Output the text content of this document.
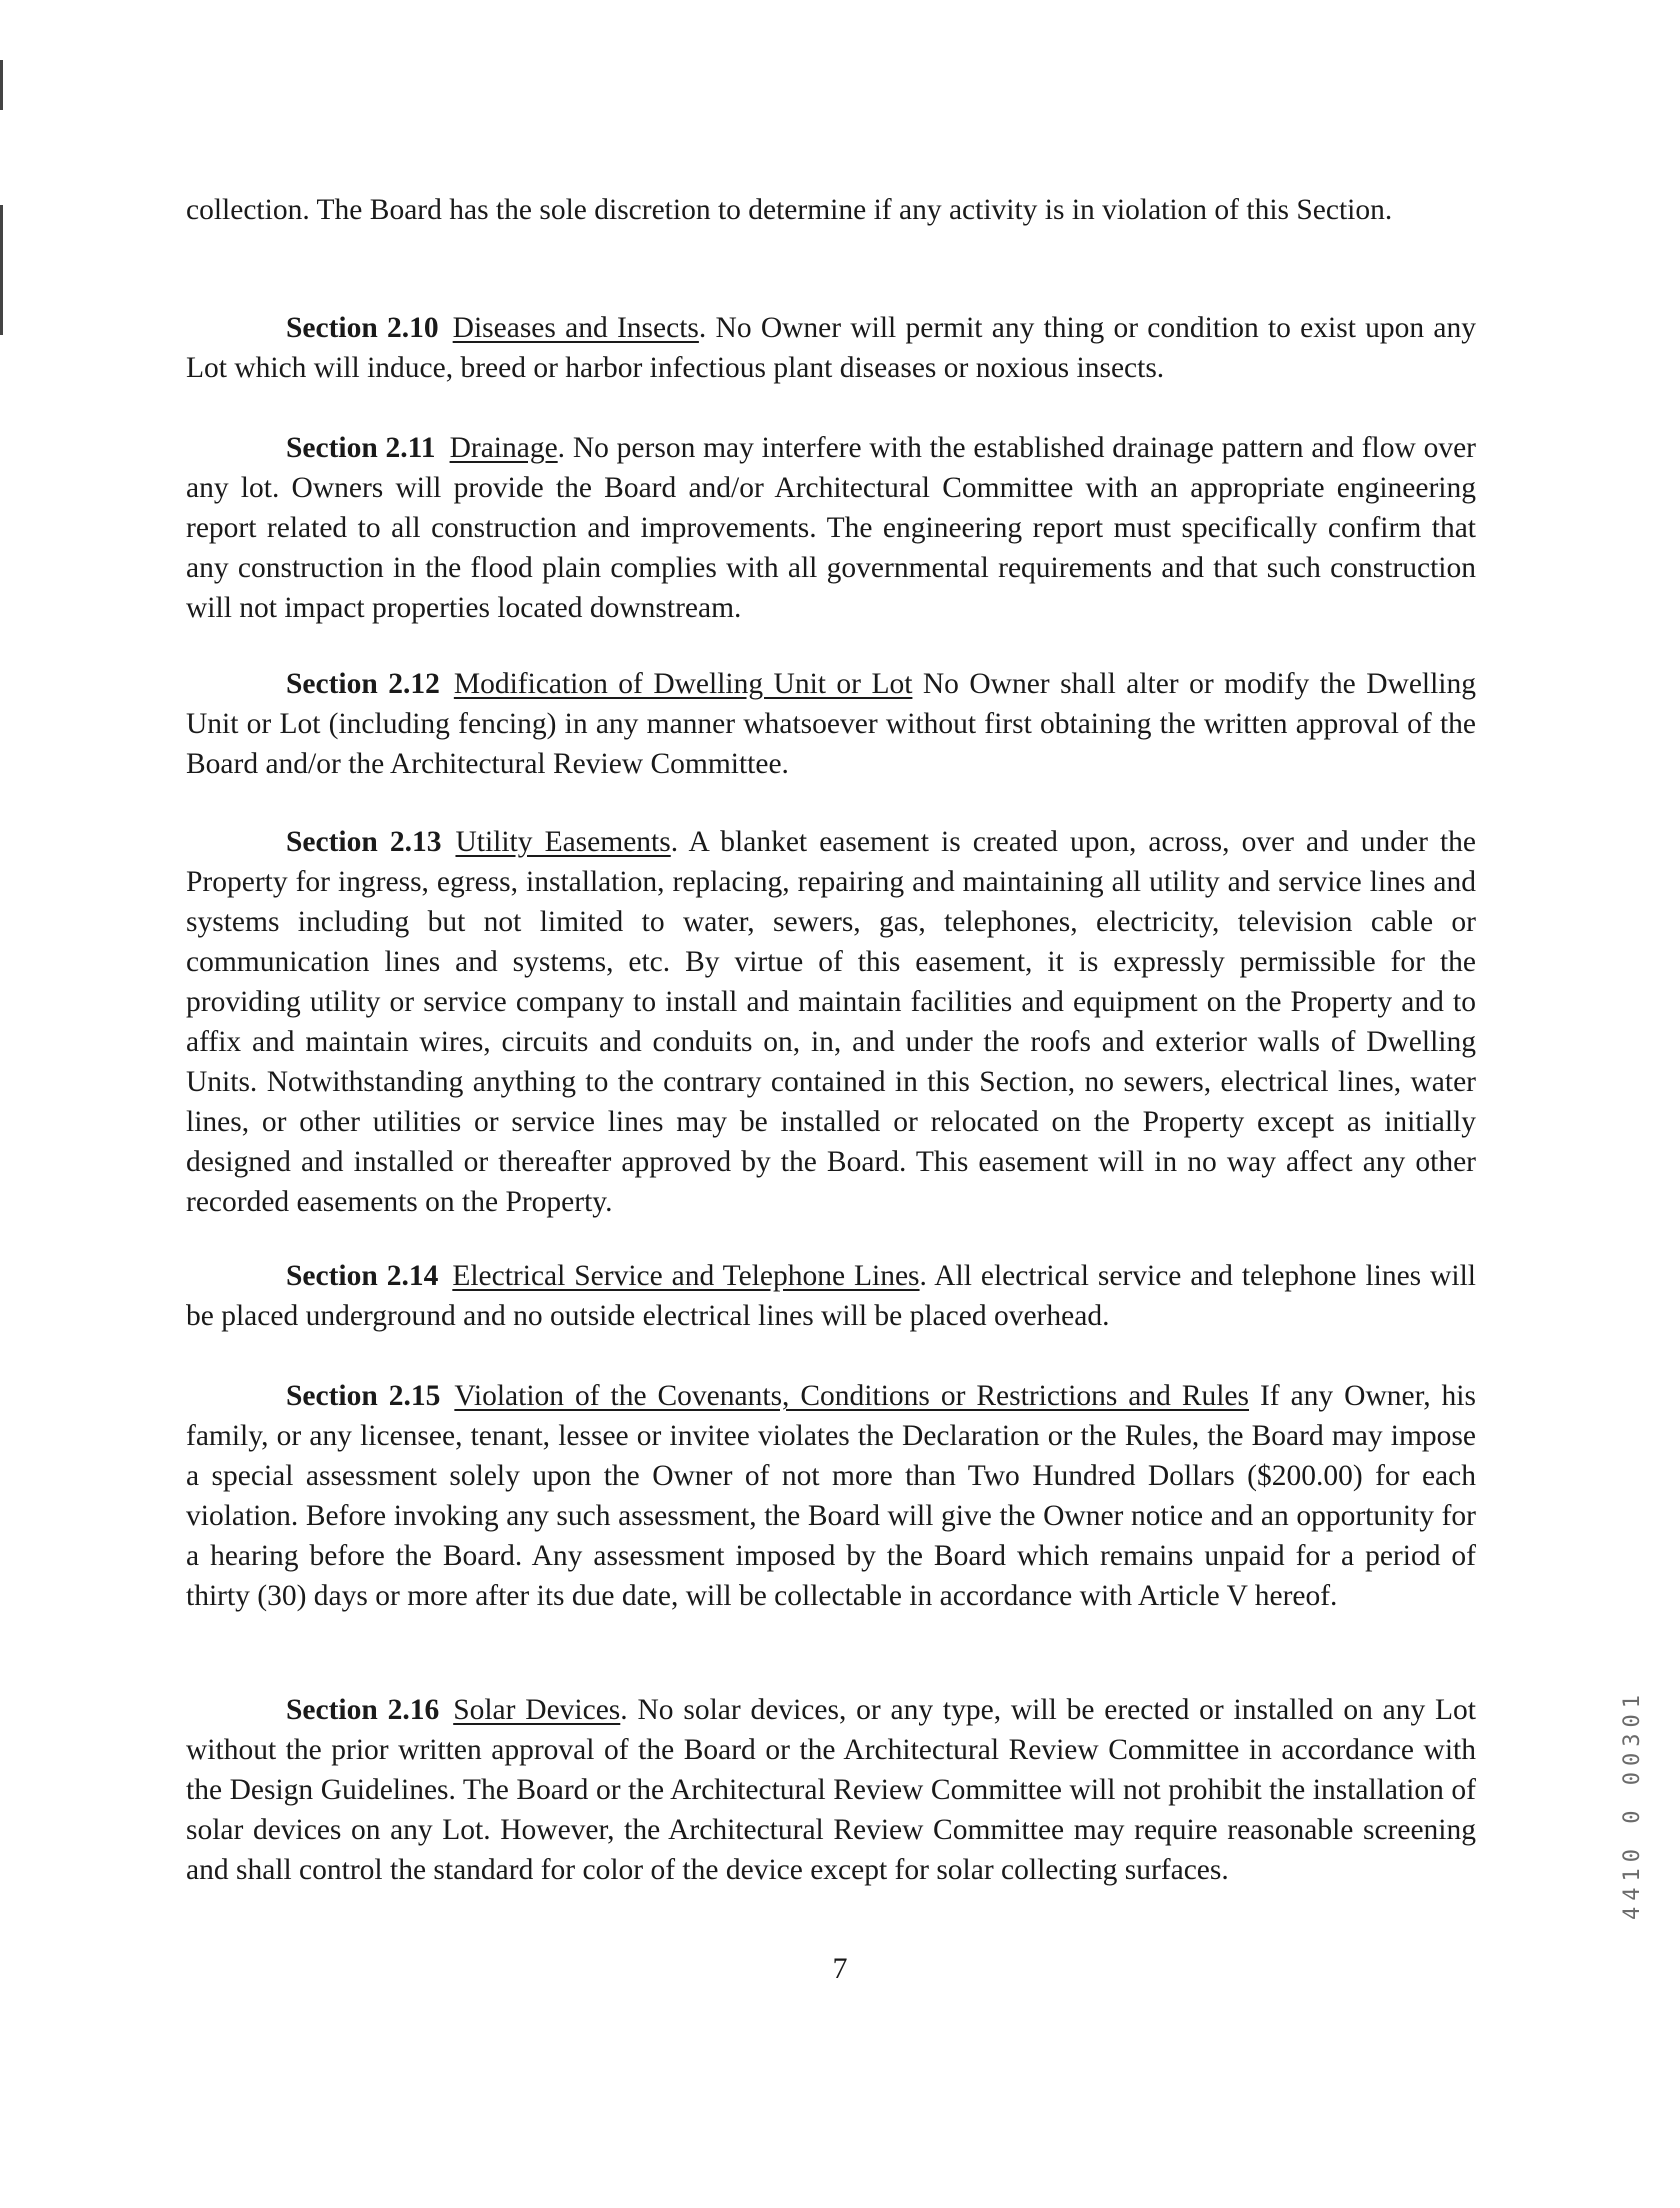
collection. The Board has the sole discretion to determine if any activity is in violation of this Section.
Section 2.10 Diseases and Insects. No Owner will permit any thing or condition to exist upon any Lot which will induce, breed or harbor infectious plant diseases or noxious insects.
Section 2.11 Drainage. No person may interfere with the established drainage pattern and flow over any lot. Owners will provide the Board and/or Architectural Committee with an appropriate engineering report related to all construction and improvements. The engineering report must specifically confirm that any construction in the flood plain complies with all governmental requirements and that such construction will not impact properties located downstream.
Section 2.12 Modification of Dwelling Unit or Lot No Owner shall alter or modify the Dwelling Unit or Lot (including fencing) in any manner whatsoever without first obtaining the written approval of the Board and/or the Architectural Review Committee.
Section 2.13 Utility Easements. A blanket easement is created upon, across, over and under the Property for ingress, egress, installation, replacing, repairing and maintaining all utility and service lines and systems including but not limited to water, sewers, gas, telephones, electricity, television cable or communication lines and systems, etc. By virtue of this easement, it is expressly permissible for the providing utility or service company to install and maintain facilities and equipment on the Property and to affix and maintain wires, circuits and conduits on, in, and under the roofs and exterior walls of Dwelling Units. Notwithstanding anything to the contrary contained in this Section, no sewers, electrical lines, water lines, or other utilities or service lines may be installed or relocated on the Property except as initially designed and installed or thereafter approved by the Board. This easement will in no way affect any other recorded easements on the Property.
Section 2.14 Electrical Service and Telephone Lines. All electrical service and telephone lines will be placed underground and no outside electrical lines will be placed overhead.
Section 2.15 Violation of the Covenants, Conditions or Restrictions and Rules If any Owner, his family, or any licensee, tenant, lessee or invitee violates the Declaration or the Rules, the Board may impose a special assessment solely upon the Owner of not more than Two Hundred Dollars ($200.00) for each violation. Before invoking any such assessment, the Board will give the Owner notice and an opportunity for a hearing before the Board. Any assessment imposed by the Board which remains unpaid for a period of thirty (30) days or more after its due date, will be collectable in accordance with Article V hereof.
Section 2.16 Solar Devices. No solar devices, or any type, will be erected or installed on any Lot without the prior written approval of the Board or the Architectural Review Committee in accordance with the Design Guidelines. The Board or the Architectural Review Committee will not prohibit the installation of solar devices on any Lot. However, the Architectural Review Committee may require reasonable screening and shall control the standard for color of the device except for solar collecting surfaces.
7
4410 0 00301
